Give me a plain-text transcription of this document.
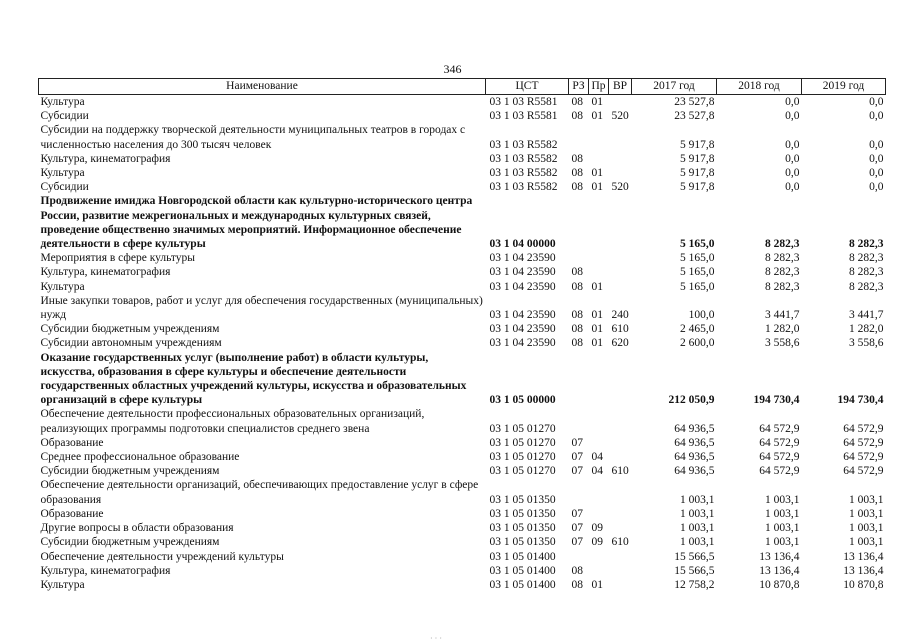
346
Наименование	ЦСТ	РЗ	Пр	ВР	2017 год	2018 год	2019 год
Культура	03 1 03 R5581	08	01		23 527,8	0,0	0,0
Субсидии	03 1 03 R5581	08	01	520	23 527,8	0,0	0,0
Субсидии на поддержку творческой деятельности муниципальных театров в городах с численностью населения до 300 тысяч человек	03 1 03 R5582				5 917,8	0,0	0,0
Культура, кинематография	03 1 03 R5582	08			5 917,8	0,0	0,0
Культура	03 1 03 R5582	08	01		5 917,8	0,0	0,0
Субсидии	03 1 03 R5582	08	01	520	5 917,8	0,0	0,0
Продвижение имиджа Новгородской области как культурно-исторического центра России, развитие межрегиональных и международных культурных связей, проведение общественно значимых мероприятий. Информационное обеспечение деятельности в сфере культуры	03 1 04 00000				5 165,0	8 282,3	8 282,3
Мероприятия в сфере культуры	03 1 04 23590				5 165,0	8 282,3	8 282,3
Культура, кинематография	03 1 04 23590	08			5 165,0	8 282,3	8 282,3
Культура	03 1 04 23590	08	01		5 165,0	8 282,3	8 282,3
Иные закупки товаров, работ и услуг для обеспечения государственных (муниципальных) нужд	03 1 04 23590	08	01	240	100,0	3 441,7	3 441,7
Субсидии бюджетным учреждениям	03 1 04 23590	08	01	610	2 465,0	1 282,0	1 282,0
Субсидии автономным учреждениям	03 1 04 23590	08	01	620	2 600,0	3 558,6	3 558,6
Оказание государственных услуг (выполнение работ) в области культуры, искусства, образования в сфере культуры и обеспечение деятельности государственных областных учреждений культуры, искусства и образовательных организаций в сфере культуры	03 1 05 00000				212 050,9	194 730,4	194 730,4
Обеспечение деятельности профессиональных образовательных организаций, реализующих программы подготовки специалистов среднего звена	03 1 05 01270				64 936,5	64 572,9	64 572,9
Образование	03 1 05 01270	07			64 936,5	64 572,9	64 572,9
Среднее профессиональное образование	03 1 05 01270	07	04		64 936,5	64 572,9	64 572,9
Субсидии бюджетным учреждениям	03 1 05 01270	07	04	610	64 936,5	64 572,9	64 572,9
Обеспечение деятельности организаций, обеспечивающих предоставление услуг в сфере образования	03 1 05 01350				1 003,1	1 003,1	1 003,1
Образование	03 1 05 01350	07			1 003,1	1 003,1	1 003,1
Другие вопросы в области образования	03 1 05 01350	07	09		1 003,1	1 003,1	1 003,1
Субсидии бюджетным учреждениям	03 1 05 01350	07	09	610	1 003,1	1 003,1	1 003,1
Обеспечение деятельности учреждений культуры	03 1 05 01400				15 566,5	13 136,4	13 136,4
Культура, кинематография	03 1 05 01400	08			15 566,5	13 136,4	13 136,4
Культура	03 1 05 01400	08	01		12 758,2	10 870,8	10 870,8
· · ·
